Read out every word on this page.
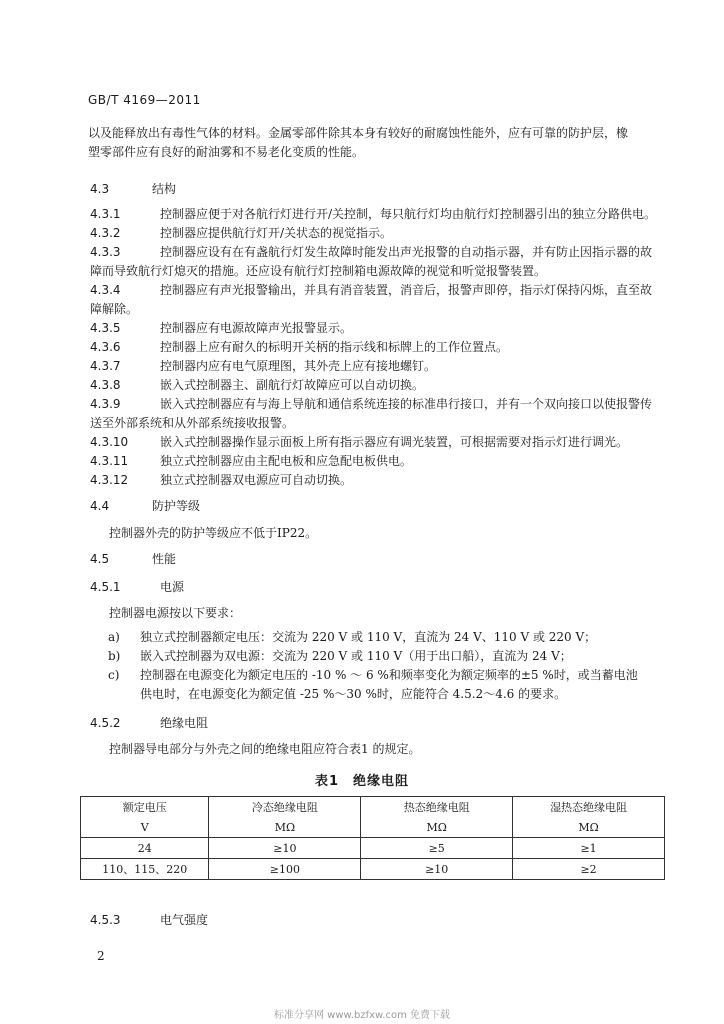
GB/T 4169—2011
以及能释放出有毒性气体的材料。金属零部件除其本身有较好的耐腐蚀性能外，应有可靠的防护层，橡
塑零部件应有良好的耐油雾和不易老化变质的性能。
4.3	结构
4.3.1	控制器应便于对各航行灯进行开/关控制，每只航行灯均由航行灯控制器引出的独立分路供电。
4.3.2	控制器应提供航行灯开/关状态的视觉指示。
4.3.3	控制器应设有在有盏航行灯发生故障时能发出声光报警的自动指示器，并有防止因指示器的故
障而导致航行灯熄灭的措施。还应设有航行灯控制箱电源故障的视觉和听觉报警装置。
4.3.4	控制器应有声光报警输出，并具有消音装置，消音后，报警声即停，指示灯保持闪烁，直至故
障解除。
4.3.5	控制器应有电源故障声光报警显示。
4.3.6	控制器上应有耐久的标明开关柄的指示线和标牌上的工作位置点。
4.3.7	控制器内应有电气原理图，其外壳上应有接地螺钉。
4.3.8	嵌入式控制器主、副航行灯故障应可以自动切换。
4.3.9	嵌入式控制器应有与海上导航和通信系统连接的标准串行接口，并有一个双向接口以使报警传
送至外部系统和从外部系统接收报警。
4.3.10	嵌入式控制器操作显示面板上所有指示器应有调光装置，可根据需要对指示灯进行调光。
4.3.11	独立式控制器应由主配电板和应急配电板供电。
4.3.12	独立式控制器双电源应可自动切换。
4.4	防护等级
控制器外壳的防护等级应不低于IP22。
4.5	性能
4.5.1	电源
控制器电源按以下要求：
a) 独立式控制器额定电压：交流为 220 V 或 110 V，直流为 24 V、110 V 或 220 V；
b) 嵌入式控制器为双电源：交流为 220 V 或 110 V（用于出口船），直流为 24 V；
c) 控制器在电源变化为额定电压的 -10 % ～ 6 %和频率变化为额定频率的±5 %时，或当蓄电池
供电时，在电源变化为额定值 -25 %～30 %时，应能符合 4.5.2～4.6 的要求。
4.5.2	绝缘电阻
控制器导电部分与外壳之间的绝缘电阻应符合表1 的规定。
表1　绝缘电阻
额定电压	冷态绝缘电阻	热态绝缘电阻	湿热态绝缘电阻
V	MΩ	MΩ	MΩ
24	≥10	≥5	≥1
110、115、220	≥100	≥10	≥2
4.5.3	电气强度
2
标准分享网 www.bzfxw.com 免费下载
